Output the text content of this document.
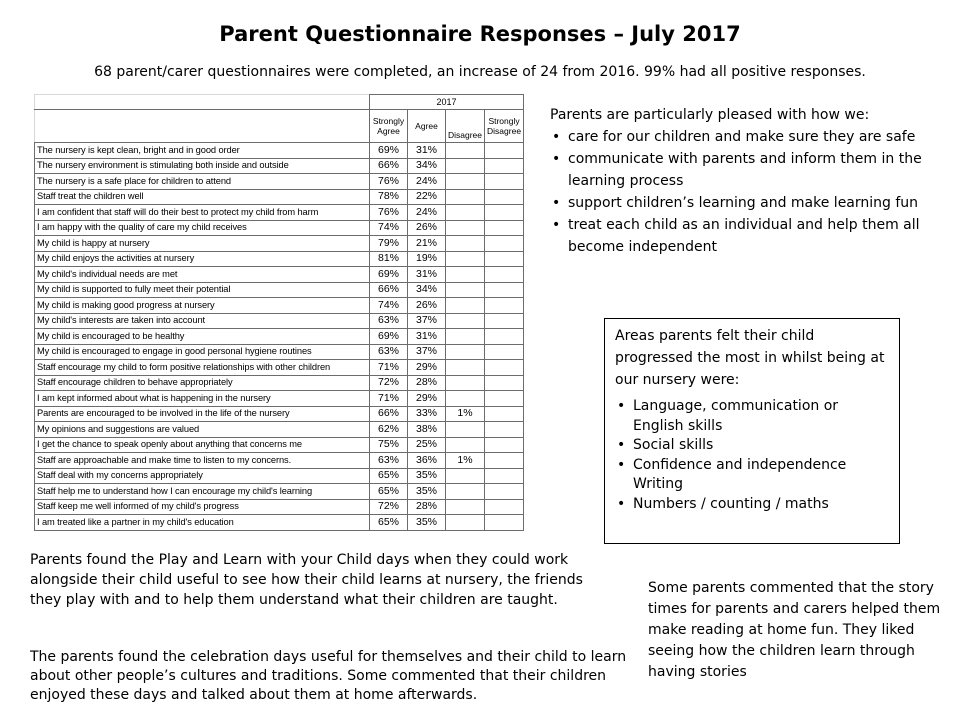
Parent Questionnaire Responses – July 2017
68 parent/carer questionnaires were completed, an increase of 24 from 2016. 99% had all positive responses.
	2017			
	Strongly Agree	Agree	Disagree	Strongly Disagree
The nursery is kept clean, bright and in good order	69%	31%		
The nursery environment is stimulating both inside and outside	66%	34%		
The nursery is a safe place for children to attend	76%	24%		
Staff treat the children well	78%	22%		
I am confident that staff will do their best to protect my child from harm	76%	24%		
I am happy with the quality of care my child receives	74%	26%		
My child is happy at nursery	79%	21%		
My child enjoys the activities at nursery	81%	19%		
My child's individual needs are met	69%	31%		
My child is supported to fully meet their potential	66%	34%		
My child is making good progress at nursery	74%	26%		
My child's interests are taken into account	63%	37%		
My child is encouraged to be healthy	69%	31%		
My child is encouraged to engage in good personal hygiene routines	63%	37%		
Staff encourage my child to form positive relationships with other children	71%	29%		
Staff encourage children to behave appropriately	72%	28%		
I am kept informed about what is happening in the nursery	71%	29%		
Parents are encouraged to be involved in the life of the nursery	66%	33%	1%	
My opinions and suggestions are valued	62%	38%		
I get the chance to speak openly about anything that concerns me	75%	25%		
Staff are approachable and make time to listen to my concerns.	63%	36%	1%	
Staff deal with my concerns appropriately	65%	35%		
Staff help me to understand how I can encourage my child's learning	65%	35%		
Staff keep me well informed of my child's progress	72%	28%		
I am treated like a partner in my child's education	65%	35%		
Parents are particularly pleased with how we:
• care for our children and make sure they are safe
• communicate with parents and inform them in the learning process
• support children’s learning and make learning fun
• treat each child as an individual and help them all become independent
Areas parents felt their child progressed the most in whilst being at our nursery were:
• Language, communication or English skills
• Social skills
• Confidence and independence Writing
• Numbers / counting / maths
Parents found the Play and Learn with your Child days when they could work alongside their child useful to see how their child learns at nursery, the friends they play with and to help them understand what their children are taught.
The parents found the celebration days useful for themselves and their child to learn about other people’s cultures and traditions. Some commented that their children enjoyed these days and talked about them at home afterwards.
Some parents commented that the story times for parents and carers helped them make reading at home fun. They liked seeing how the children learn through having stories
